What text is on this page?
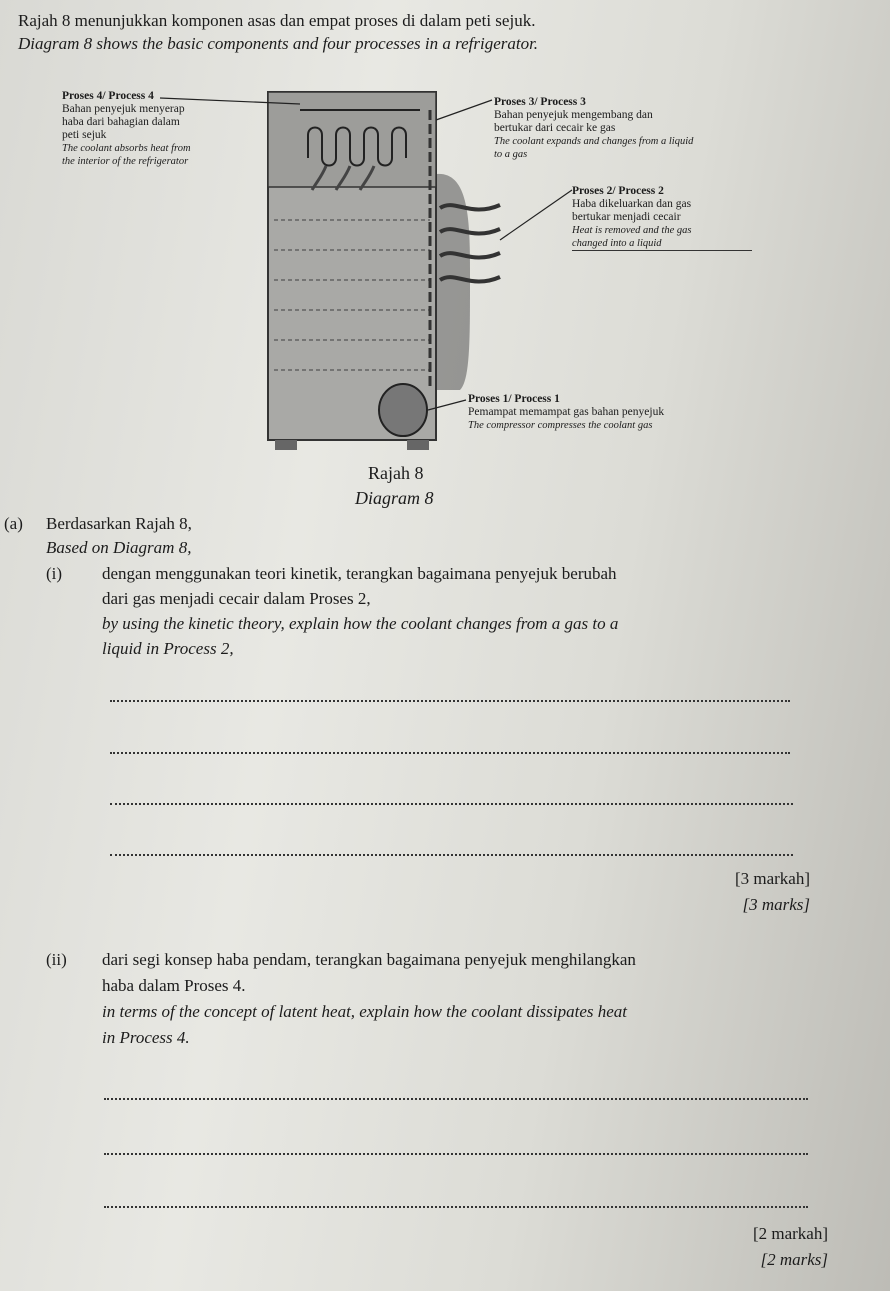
Rajah 8 menunjukkan komponen asas dan empat proses di dalam peti sejuk.
Diagram 8 shows the basic components and four processes in a refrigerator.
Proses 4/ Process 4
Bahan penyejuk menyerap
haba dari bahagian dalam
peti sejuk
The coolant absorbs heat from
the interior of the refrigerator
Proses 3/ Process 3
Bahan penyejuk mengembang dan
bertukar dari cecair ke gas
The coolant expands and changes from a liquid
to a gas
Proses 2/ Process 2
Haba dikeluarkan dan gas
bertukar menjadi cecair
Heat is removed and the gas
changed into a liquid
Proses 1/ Process 1
Pemampat memampat gas bahan penyejuk
The compressor compresses the coolant gas
Rajah 8
Diagram 8
(a) Berdasarkan Rajah 8,
Based on Diagram 8,
(i) dengan menggunakan teori kinetik, terangkan bagaimana penyejuk berubah
dari gas menjadi cecair dalam Proses 2,
by using the kinetic theory, explain how the coolant changes from a gas to a
liquid in Process 2,
[3 markah]
[3 marks]
(ii) dari segi konsep haba pendam, terangkan bagaimana penyejuk menghilangkan
haba dalam Proses 4.
in terms of the concept of latent heat, explain how the coolant dissipates heat
in Process 4.
[2 markah]
[2 marks]
